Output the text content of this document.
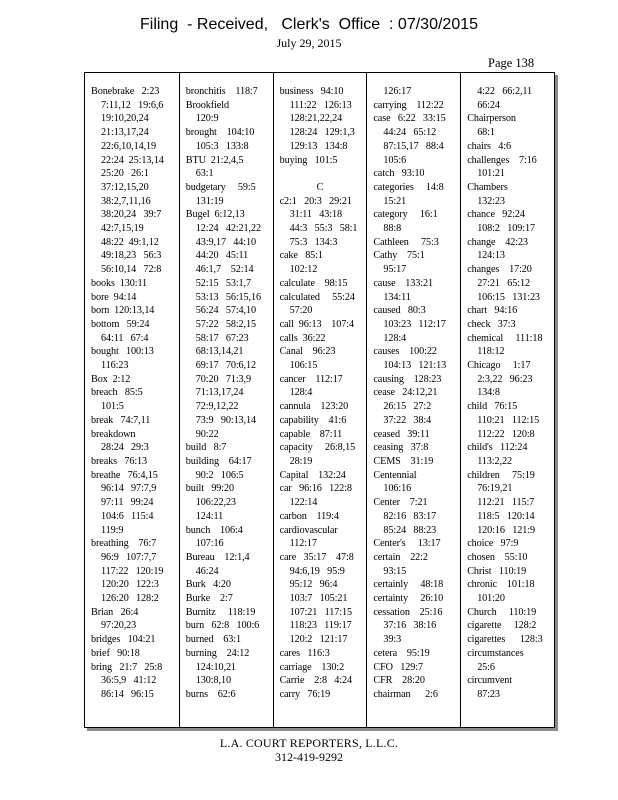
Filing  - Received,   Clerk's  Office  : 07/30/2015
July 29, 2015
Page 138
Bonebrake   2:23
7:11,12   19:6,6
19:10,20,24
21:13,17,24
22:6,10,14,19
22:24  25:13,14
25:20   26:1
37:12,15,20
38:2,7,11,16
38:20,24   39:7
42:7,15,19
48:22  49:1,12
49:18,23   56:3
56:10,14   72:8
books  130:11
bore  94:14
born  120:13,14
bottom   59:24
64:11   67:4
bought   100:13
116:23
Box  2:12
breach   85:5
101:5
break   74:7,11
breakdown
28:24   29:3
breaks   76:13
breathe   76:4,15
96:14   97:7,9
97:11   99:24
104:6   115:4
119:9
breathing    76:7
96:9   107:7,7
117:22   120:19
120:20   122:3
126:20   128:2
Brian   26:4
97:20,23
bridges   104:21
brief   90:18
bring   21:7   25:8
36:5,9   41:12
86:14   96:15
bronchitis    118:7
Brookfield
120:9
brought    104:10
105:3   133:8
BTU  21:2,4,5
63:1
budgetary     59:5
131:19
Bugel  6:12,13
12:24   42:21,22
43:9,17   44:10
44:20   45:11
46:1,7    52:14
52:15   53:1,7
53:13   56:15,16
56:24   57:4,10
57:22   58:2,15
58:17   67:23
68:13,14,21
69:17   70:6,12
70:20   71:3,9
71:13,17,24
72:9,12,22
73:9   90:13,14
90:22
build   8:7
building    64:17
90:2   106:5
built   99:20
106:22,23
124:11
bunch    106:4
107:16
Bureau    12:1,4
46:24
Burk   4:20
Burke    2:7
Burnitz     118:19
burn   62:8   100:6
burned    63:1
burning    24:12
124:10,21
130:8,10
burns    62:6
business   94:10
111:22   126:13
128:21,22,24
128:24   129:1,3
129:13   134:8
buying   101:5

C
c2:1   20:3   29:21
31:11   43:18
44:3   55:3   58:1
75:3   134:3
cake   85:1
102:12
calculate    98:15
calculated     55:24
57:20
call  96:13    107:4
calls  36:22
Canal    96:23
106:15
cancer    112:17
128:4
cannula    123:20
capability    41:6
capable    87:11
capacity     26:8,15
28:19
Capital    132:24
car   96:16   122:8
122:14
carbon    119:4
cardiovascular
112:17
care   35:17    47:8
94:6,19   95:9
95:12   96:4
103:7   105:21
107:21   117:15
118:23   119:17
120:2   121:17
cares   116:3
carriage    130:2
Carrie    2:8   4:24
carry   76:19
126:17
carrying    112:22
case   6:22   33:15
44:24   65:12
87:15,17   88:4
105:6
catch   93:10
categories     14:8
15:21
category     16:1
88:8
Cathleen     75:3
Cathy    75:1
95:17
cause    133:21
134:11
caused   80:3
103:23   112:17
128:4
causes    100:22
104:13   121:13
causing    128:23
cease   24:12,21
26:15   27:2
37:22   38:4
ceased   39:11
ceasing   37:8
CEMS    31:19
Centennial
106:16
Center    7:21
82:16   83:17
85:24   88:23
Center's     13:17
certain    22:2
93:15
certainly     48:18
certainty     26:10
cessation    25:16
37:16   38:16
39:3
cetera    95:19
CFO   129:7
CFR    28:20
chairman      2:6
4:22   66:2,11
66:24
Chairperson
68:1
chairs   4:6
challenges    7:16
101:21
Chambers
132:23
chance   92:24
108:2   109:17
change    42:23
124:13
changes    17:20
27:21   65:12
106:15   131:23
chart   94:16
check   37:3
chemical     111:18
118:12
Chicago     1:17
2:3,22   96:23
134:8
child   76:15
110:21   112:15
112:22   120:8
child's   112:24
113:2,22
children     75:19
76:19,21
112:21   115:7
118:5   120:14
120:16   121:9
choice   97:9
chosen    55:10
Christ   110:19
chronic    101:18
101:20
Church     110:19
cigarette     128:2
cigarettes      128:3
circumstances
25:6
circumvent
87:23
L.A. COURT REPORTERS, L.L.C.
312-419-9292
